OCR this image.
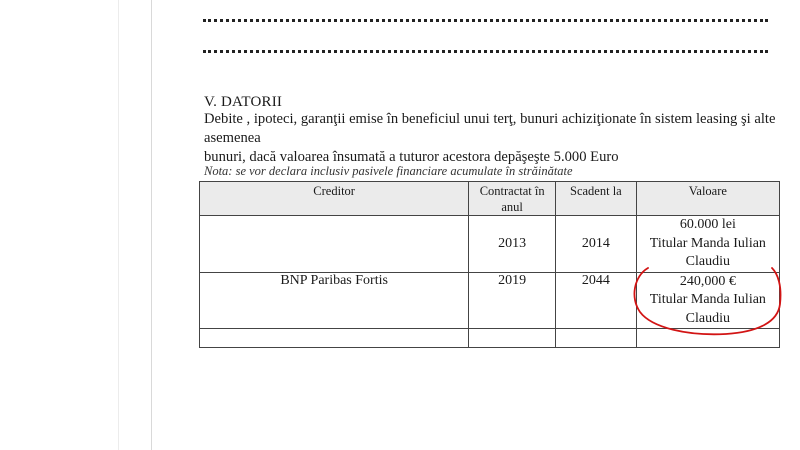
V. DATORII
Debite , ipoteci, garanţii emise în beneficiul unui terţ, bunuri achiziţionate în sistem leasing şi alte asemenea
bunuri, dacă valoarea însumată a tuturor acestora depăşeşte 5.000 Euro
Nota: se vor declara inclusiv pasivele financiare acumulate în străinătate
Creditor	Contractat în anul	Scadent la	Valoare
	2013	2014	60.000 lei
Titular Manda Iulian
Claudiu

BNP Paribas Fortis	2019	2044	240,000 €
Titular Manda Iulian
Claudiu
